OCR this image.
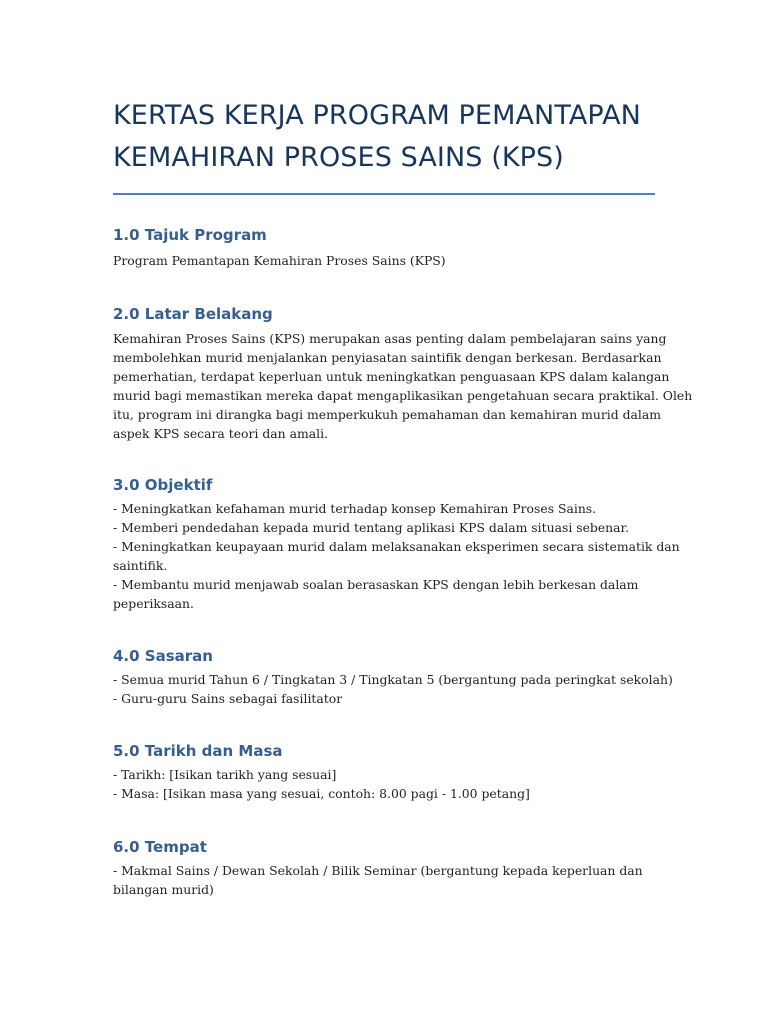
KERTAS KERJA PROGRAM PEMANTAPAN
KEMAHIRAN PROSES SAINS (KPS)
1.0 Tajuk Program

Program Pemantapan Kemahiran Proses Sains (KPS)

2.0 Latar Belakang

Kemahiran Proses Sains (KPS) merupakan asas penting dalam pembelajaran sains yang
membolehkan murid menjalankan penyiasatan saintifik dengan berkesan. Berdasarkan
pemerhatian, terdapat keperluan untuk meningkatkan penguasaan KPS dalam kalangan
murid bagi memastikan mereka dapat mengaplikasikan pengetahuan secara praktikal. Oleh
itu, program ini dirangka bagi memperkukuh pemahaman dan kemahiran murid dalam
aspek KPS secara teori dan amali.

3.0 Objektif

- Meningkatkan kefahaman murid terhadap konsep Kemahiran Proses Sains.
- Memberi pendedahan kepada murid tentang aplikasi KPS dalam situasi sebenar.
- Meningkatkan keupayaan murid dalam melaksanakan eksperimen secara sistematik dan
saintifik.
- Membantu murid menjawab soalan berasaskan KPS dengan lebih berkesan dalam
peperiksaan.

4.0 Sasaran

- Semua murid Tahun 6 / Tingkatan 3 / Tingkatan 5 (bergantung pada peringkat sekolah)
- Guru-guru Sains sebagai fasilitator

5.0 Tarikh dan Masa

- Tarikh: [Isikan tarikh yang sesuai]
- Masa: [Isikan masa yang sesuai, contoh: 8.00 pagi - 1.00 petang]

6.0 Tempat

- Makmal Sains / Dewan Sekolah / Bilik Seminar (bergantung kepada keperluan dan
bilangan murid)
